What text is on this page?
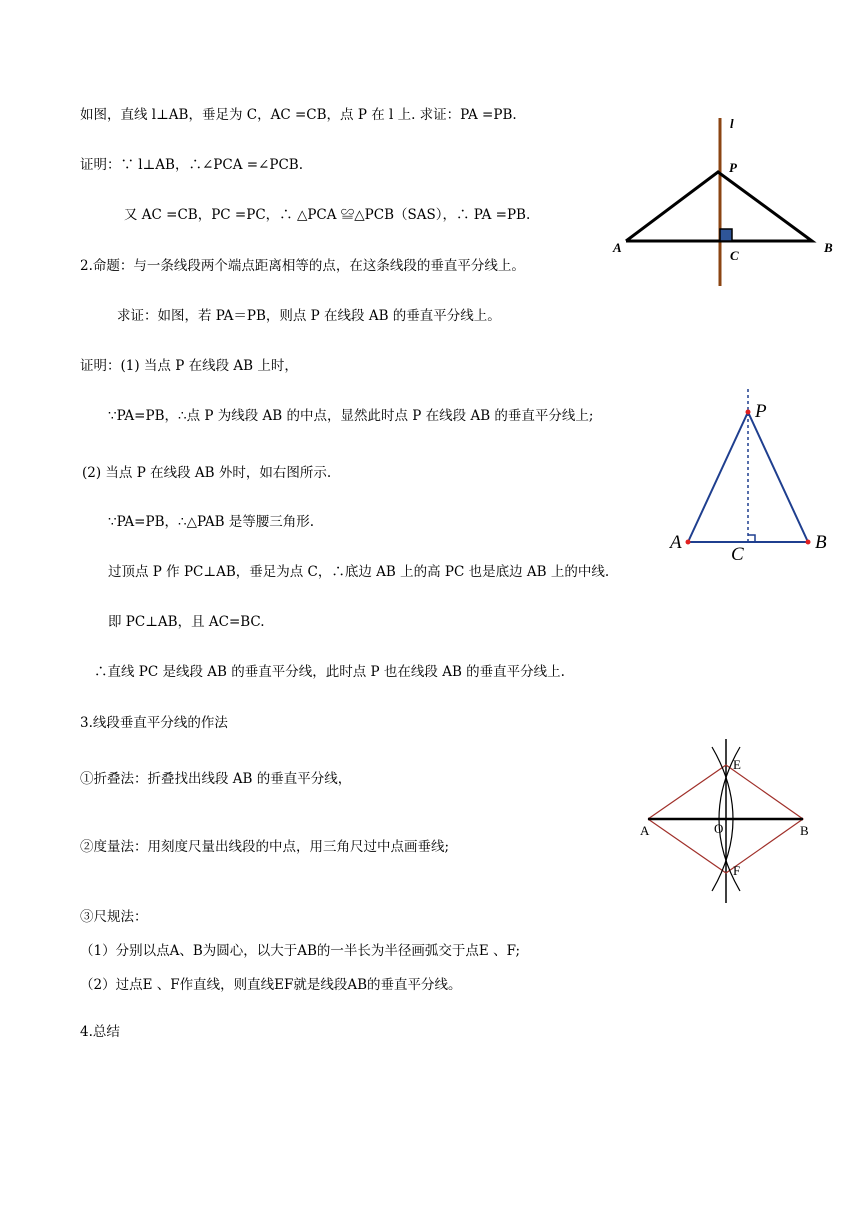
如图，直线 l⊥AB，垂足为 C，AC =CB，点 P 在 l 上. 求证：PA =PB.
证明：∵ l⊥AB，∴∠PCA =∠PCB.
又 AC =CB，PC =PC，∴ △PCA ≌△PCB（SAS），∴ PA =PB.
2.命题：与一条线段两个端点距离相等的点，在这条线段的垂直平分线上。
求证：如图，若 PA＝PB，则点 P 在线段 AB 的垂直平分线上。
证明：(1) 当点 P 在线段 AB 上时，
∵PA=PB，∴点 P 为线段 AB 的中点，显然此时点 P 在线段 AB 的垂直平分线上;
(2) 当点 P 在线段 AB 外时，如右图所示.
∵PA=PB，∴△PAB 是等腰三角形.
过顶点 P 作 PC⊥AB，垂足为点 C，∴底边 AB 上的高 PC 也是底边 AB 上的中线.
即 PC⊥AB，且 AC=BC.
∴直线 PC 是线段 AB 的垂直平分线，此时点 P 也在线段 AB 的垂直平分线上.
3.线段垂直平分线的作法
①折叠法：折叠找出线段 AB 的垂直平分线，
②度量法：用刻度尺量出线段的中点，用三角尺过中点画垂线;
③尺规法：
（1）分别以点A、B为圆心，以大于AB的一半长为半径画弧交于点E 、F;
（2）过点E 、F作直线，则直线EF就是线段AB的垂直平分线。
4.总结
l
P
A
C
B
P
A
C
B
E
A	O	B
F
